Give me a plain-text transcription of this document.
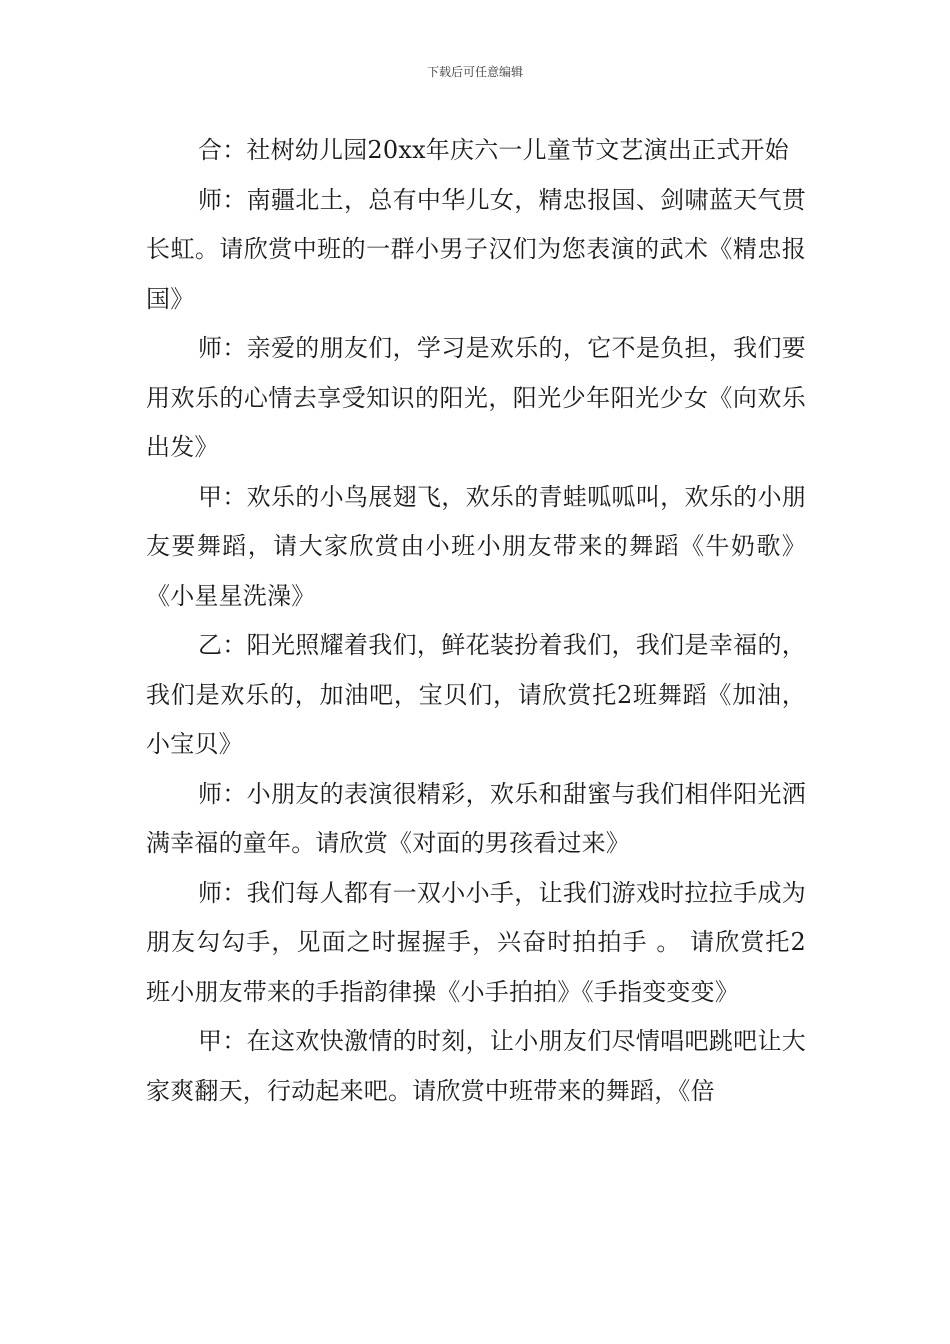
下载后可任意编辑

合：社树幼儿园20xx年庆六一儿童节文艺演出正式开始

师：南疆北土，总有中华儿女，精忠报国、剑啸蓝天气贯长虹。请欣赏中班的一群小男子汉们为您表演的武术《精忠报国》

师：亲爱的朋友们，学习是欢乐的，它不是负担，我们要用欢乐的心情去享受知识的阳光，阳光少年阳光少女《向欢乐出发》

甲：欢乐的小鸟展翅飞，欢乐的青蛙呱呱叫，欢乐的小朋友要舞蹈，请大家欣赏由小班小朋友带来的舞蹈《牛奶歌》《小星星洗澡》

乙：阳光照耀着我们，鲜花装扮着我们，我们是幸福的，我们是欢乐的，加油吧，宝贝们，请欣赏托2班舞蹈《加油，小宝贝》

师：小朋友的表演很精彩，欢乐和甜蜜与我们相伴阳光洒满幸福的童年。请欣赏《对面的男孩看过来》

师：我们每人都有一双小小手，让我们游戏时拉拉手成为朋友勾勾手，见面之时握握手，兴奋时拍拍手 。 请欣赏托2班小朋友带来的手指韵律操《小手拍拍》《手指变变变》

甲：在这欢快激情的时刻，让小朋友们尽情唱吧跳吧让大家爽翻天，行动起来吧。请欣赏中班带来的舞蹈，《倍
